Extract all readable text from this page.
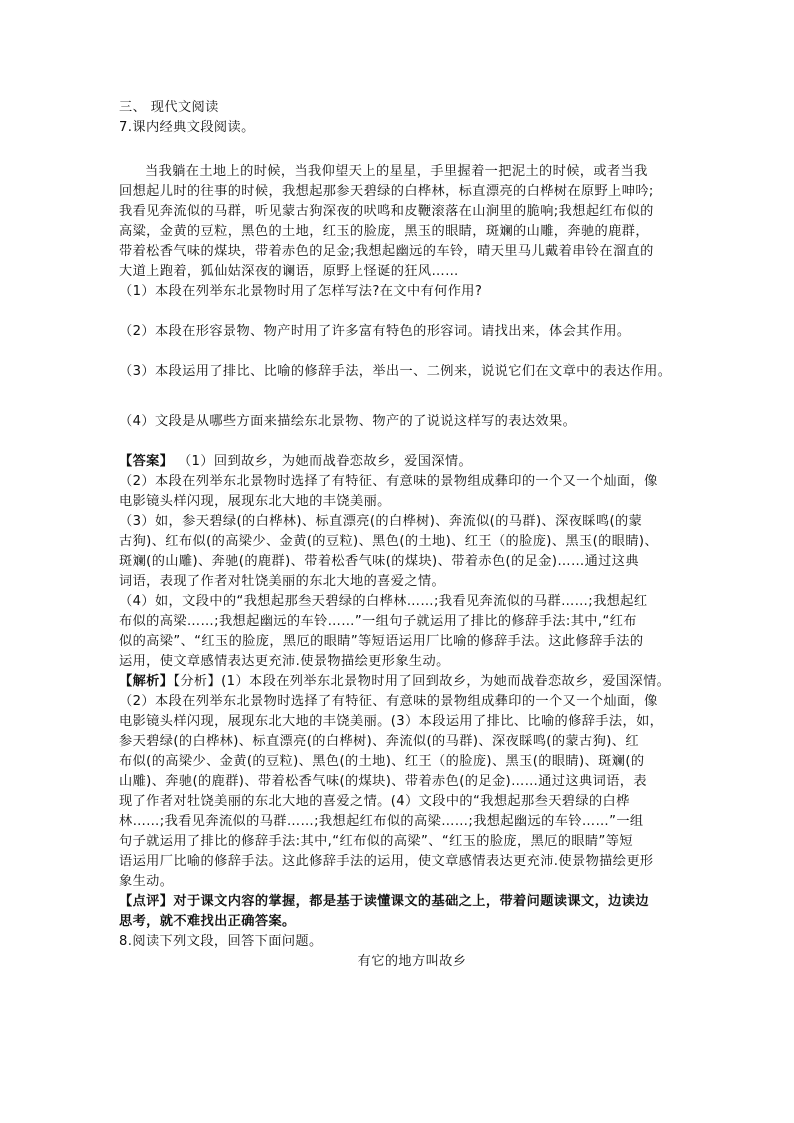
三、 现代文阅读
7.课内经典文段阅读。
当我躺在土地上的时候，当我仰望天上的星星，手里握着一把泥土的时候，或者当我
回想起儿时的往事的时候，我想起那参天碧绿的白桦林，标直漂亮的白桦树在原野上呻吟;
我看见奔流似的马群，听见蒙古狗深夜的吠鸣和皮鞭滚落在山涧里的脆响;我想起红布似的
高粱，金黄的豆粒，黑色的土地，红玉的脸庞，黑玉的眼睛，斑斓的山雕，奔驰的鹿群，
带着松香气味的煤块，带着赤色的足金;我想起幽远的车铃，晴天里马儿戴着串铃在溜直的
大道上跑着，狐仙姑深夜的谰语，原野上怪诞的狂风……
（1）本段在列举东北景物时用了怎样写法?在文中有何作用?
（2）本段在形容景物、物产时用了许多富有特色的形容词。请找出来，体会其作用。
（3）本段运用了排比、比喻的修辞手法，举出一、二例来，说说它们在文章中的表达作用。
（4）文段是从哪些方面来描绘东北景物、物产的了说说这样写的表达效果。
【答案】 （1）回到故乡，为她而战眷恋故乡，爱国深情。
（2）本段在列举东北景物时选择了有特征、有意味的景物组成彝印的一个又一个灿面，像
电影镜头样闪现，展现东北大地的丰饶美丽。
（3）如，参天碧绿(的白桦林)、标直漂亮(的白桦树)、奔流似(的马群)、深夜睬鸣(的蒙
古狗)、红布似(的高梁少、金黄(的豆粒)、黑色(的土地)、红王（的脸庞)、黑玉(的眼睛)、
斑斓(的山雕)、奔驰(的鹿群)、带着松香气味(的煤块)、带着赤色(的足金)……通过这典
词语，表现了作者对牡饶美丽的东北大地的喜爱之情。
（4）如，文段中的“我想起那叁天碧绿的白桦林……;我看见奔流似的马群……;我想起红
布似的高梁……;我想起幽远的车铃……”一组句子就运用了排比的修辞手法:其中,“红布
似的高梁”、“红玉的脸庞，黑厄的眼睛”等短语运用厂比喻的修辞手法。这此修辞手法的
运用，使文章感情表达更充沛.使景物描绘更形象生动。
【解析】【分析】(1）本段在列举东北景物时用了回到故乡，为她而战眷恋故乡，爱国深情。
（2）本段在列举东北景物时选择了有特征、有意味的景物组成彝印的一个又一个灿面，像
电影镜头样闪现，展现东北大地的丰饶美丽。(3）本段运用了排比、比喻的修辞手法，如，
参天碧绿(的白桦林)、标直漂亮(的白桦树)、奔流似(的马群)、深夜睬鸣(的蒙古狗)、红
布似(的高梁少、金黄(的豆粒)、黑色(的土地)、红王（的脸庞)、黑玉(的眼睛)、斑斓(的
山雕)、奔驰(的鹿群)、带着松香气味(的煤块)、带着赤色(的足金)……通过这典词语，表
现了作者对牡饶美丽的东北大地的喜爱之情。(4）文段中的“我想起那叁天碧绿的白桦
林……;我看见奔流似的马群……;我想起红布似的高梁……;我想起幽远的车铃……”一组
句子就运用了排比的修辞手法:其中,“红布似的高梁”、“红玉的脸庞，黑厄的眼睛”等短
语运用厂比喻的修辞手法。这此修辞手法的运用，使文章感情表达更充沛.使景物描绘更形
象生动。
【点评】对于课文内容的掌握，都是基于读懂课文的基础之上，带着问题读课文，边读边
思考，就不难找出正确答案。
8.阅读下列文段，回答下面问题。
有它的地方叫故乡
